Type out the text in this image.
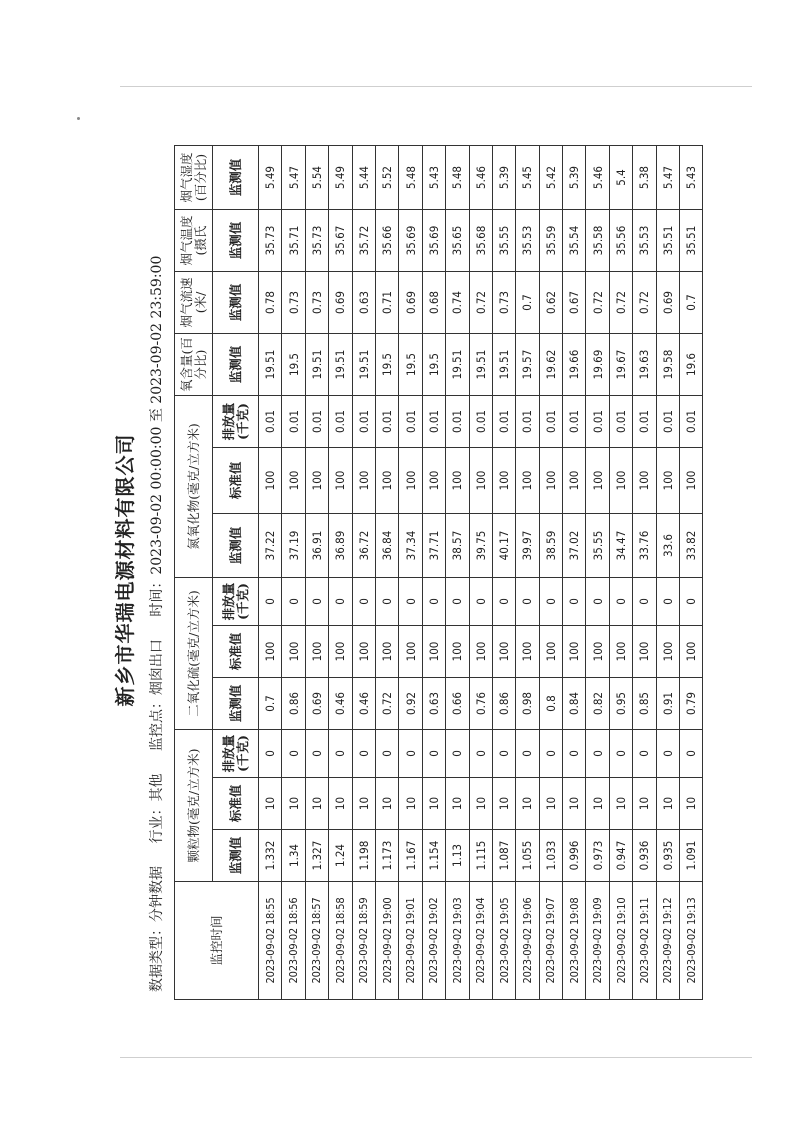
新乡市华瑞电源材料有限公司
数据类型：分钟数据 行业：其他 监控点：烟囱出口 时间：2023-09-02 00:00:00 至 2023-09-02 23:59:00
监控时间	颗粒物(毫克/立方米)			二氧化硫(毫克/立方米)			氮氧化物(毫克/立方米)			氧含量(百分比)	烟气流速(米/	烟气温度(摄氏	烟气湿度(百分比)
	监测值	标准值	排放量(千克)	监测值	标准值	排放量(千克)	监测值	标准值	排放量(千克)	监测值	监测值	监测值	监测值
2023-09-02 18:55	1.332	10	0	0.7	100	0	37.22	100	0.01	19.51	0.78	35.73	5.49
2023-09-02 18:56	1.34	10	0	0.86	100	0	37.19	100	0.01	19.5	0.73	35.71	5.47
2023-09-02 18:57	1.327	10	0	0.69	100	0	36.91	100	0.01	19.51	0.73	35.73	5.54
2023-09-02 18:58	1.24	10	0	0.46	100	0	36.89	100	0.01	19.51	0.69	35.67	5.49
2023-09-02 18:59	1.198	10	0	0.46	100	0	36.72	100	0.01	19.51	0.63	35.72	5.44
2023-09-02 19:00	1.173	10	0	0.72	100	0	36.84	100	0.01	19.5	0.71	35.66	5.52
2023-09-02 19:01	1.167	10	0	0.92	100	0	37.34	100	0.01	19.5	0.69	35.69	5.48
2023-09-02 19:02	1.154	10	0	0.63	100	0	37.71	100	0.01	19.5	0.68	35.69	5.43
2023-09-02 19:03	1.13	10	0	0.66	100	0	38.57	100	0.01	19.51	0.74	35.65	5.48
2023-09-02 19:04	1.115	10	0	0.76	100	0	39.75	100	0.01	19.51	0.72	35.68	5.46
2023-09-02 19:05	1.087	10	0	0.86	100	0	40.17	100	0.01	19.51	0.73	35.55	5.39
2023-09-02 19:06	1.055	10	0	0.98	100	0	39.97	100	0.01	19.57	0.7	35.53	5.45
2023-09-02 19:07	1.033	10	0	0.8	100	0	38.59	100	0.01	19.62	0.62	35.59	5.42
2023-09-02 19:08	0.996	10	0	0.84	100	0	37.02	100	0.01	19.66	0.67	35.54	5.39
2023-09-02 19:09	0.973	10	0	0.82	100	0	35.55	100	0.01	19.69	0.72	35.58	5.46
2023-09-02 19:10	0.947	10	0	0.95	100	0	34.47	100	0.01	19.67	0.72	35.56	5.4
2023-09-02 19:11	0.936	10	0	0.85	100	0	33.76	100	0.01	19.63	0.72	35.53	5.38
2023-09-02 19:12	0.935	10	0	0.91	100	0	33.6	100	0.01	19.58	0.69	35.51	5.47
2023-09-02 19:13	1.091	10	0	0.79	100	0	33.82	100	0.01	19.6	0.7	35.51	5.43
